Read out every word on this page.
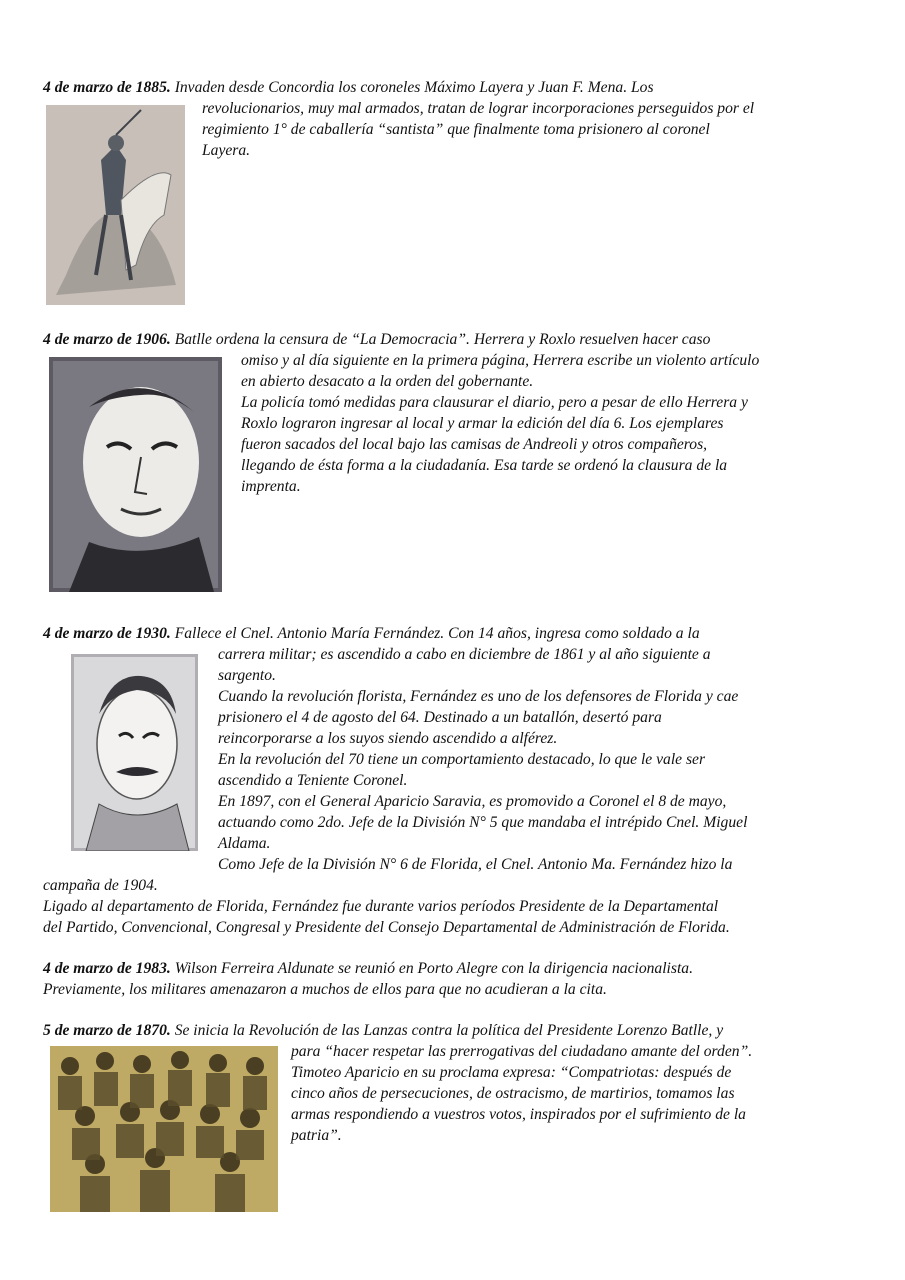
4 de marzo de 1885. Invaden desde Concordia los coroneles Máximo Layera y Juan F. Mena. Los
revolucionarios, muy mal armados, tratan de lograr incorporaciones perseguidos por el
regimiento 1° de caballería “santista” que finalmente toma prisionero al coronel
Layera.
4 de marzo de 1906. Batlle ordena la censura de “La Democracia”. Herrera y Roxlo resuelven hacer caso
omiso y al día siguiente en la primera página, Herrera escribe un violento artículo
en abierto desacato a la orden del gobernante.
La policía tomó medidas para clausurar el diario, pero a pesar de ello Herrera y
Roxlo lograron ingresar al local y armar la edición del día 6. Los ejemplares
fueron sacados del local bajo las camisas de Andreoli y otros compañeros,
llegando de ésta forma a la ciudadanía. Esa tarde se ordenó la clausura de la
imprenta.
4 de marzo de 1930. Fallece el Cnel. Antonio María Fernández. Con 14 años, ingresa como soldado a la
carrera militar; es ascendido a cabo en diciembre de 1861 y al año siguiente a
sargento.
Cuando la revolución florista, Fernández es uno de los defensores de Florida y cae
prisionero el 4 de agosto del 64. Destinado a un batallón, desertó para
reincorporarse a los suyos siendo ascendido a alférez.
En la revolución del 70 tiene un comportamiento destacado, lo que le vale ser
ascendido a Teniente Coronel.
En 1897, con el General Aparicio Saravia, es promovido a Coronel el 8 de mayo,
actuando como 2do. Jefe de la División N° 5 que mandaba el intrépido Cnel. Miguel
Aldama.
Como Jefe de la División N° 6 de Florida, el Cnel. Antonio Ma. Fernández hizo la
campaña de 1904.
Ligado al departamento de Florida, Fernández fue durante varios períodos Presidente de la Departamental
del Partido, Convencional, Congresal y Presidente del Consejo Departamental de Administración de Florida.
4 de marzo de 1983. Wilson Ferreira Aldunate se reunió en Porto Alegre con la dirigencia nacionalista.
Previamente, los militares amenazaron a muchos de ellos para que no acudieran a la cita.
5 de marzo de 1870. Se inicia la Revolución de las Lanzas contra la política del Presidente Lorenzo Batlle, y
para “hacer respetar las prerrogativas del ciudadano amante del orden”.
Timoteo Aparicio en su proclama expresa: “Compatriotas: después de
cinco años de persecuciones, de ostracismo, de martirios, tomamos las
armas respondiendo a vuestros votos, inspirados por el sufrimiento de la
patria”.
